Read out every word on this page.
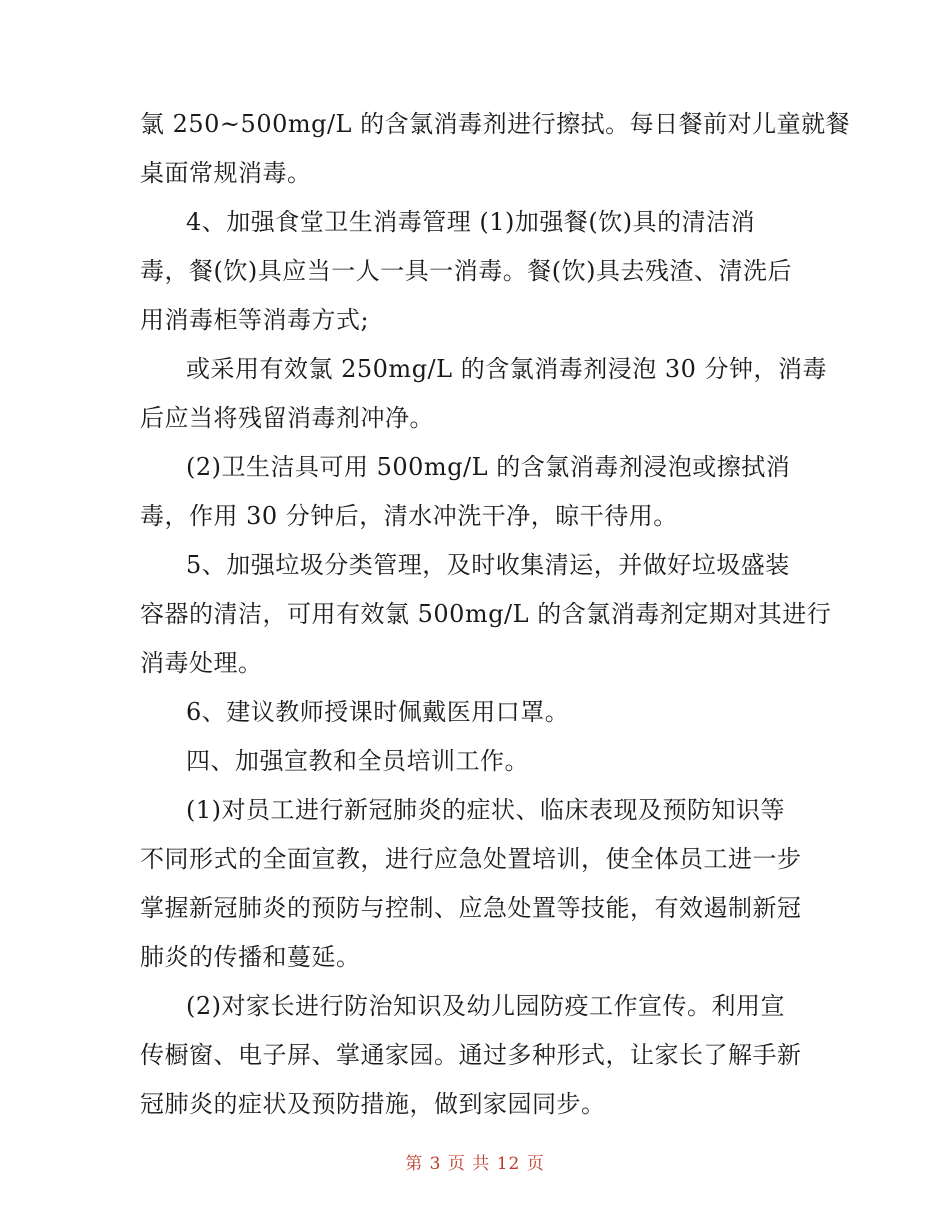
氯 250~500mg/L 的含氯消毒剂进行擦拭。每日餐前对儿童就餐
桌面常规消毒。
4、加强食堂卫生消毒管理 (1)加强餐(饮)具的清洁消
毒，餐(饮)具应当一人一具一消毒。餐(饮)具去残渣、清洗后
用消毒柜等消毒方式;
或采用有效氯 250mg/L 的含氯消毒剂浸泡 30 分钟，消毒
后应当将残留消毒剂冲净。
(2)卫生洁具可用 500mg/L 的含氯消毒剂浸泡或擦拭消
毒，作用 30 分钟后，清水冲洗干净，晾干待用。
5、加强垃圾分类管理，及时收集清运，并做好垃圾盛装
容器的清洁，可用有效氯 500mg/L 的含氯消毒剂定期对其进行
消毒处理。
6、建议教师授课时佩戴医用口罩。
四、加强宣教和全员培训工作。
(1)对员工进行新冠肺炎的症状、临床表现及预防知识等
不同形式的全面宣教，进行应急处置培训，使全体员工进一步
掌握新冠肺炎的预防与控制、应急处置等技能，有效遏制新冠
肺炎的传播和蔓延。
(2)对家长进行防治知识及幼儿园防疫工作宣传。利用宣
传橱窗、电子屏、掌通家园。通过多种形式，让家长了解手新
冠肺炎的症状及预防措施，做到家园同步。
第 3 页 共 12 页
